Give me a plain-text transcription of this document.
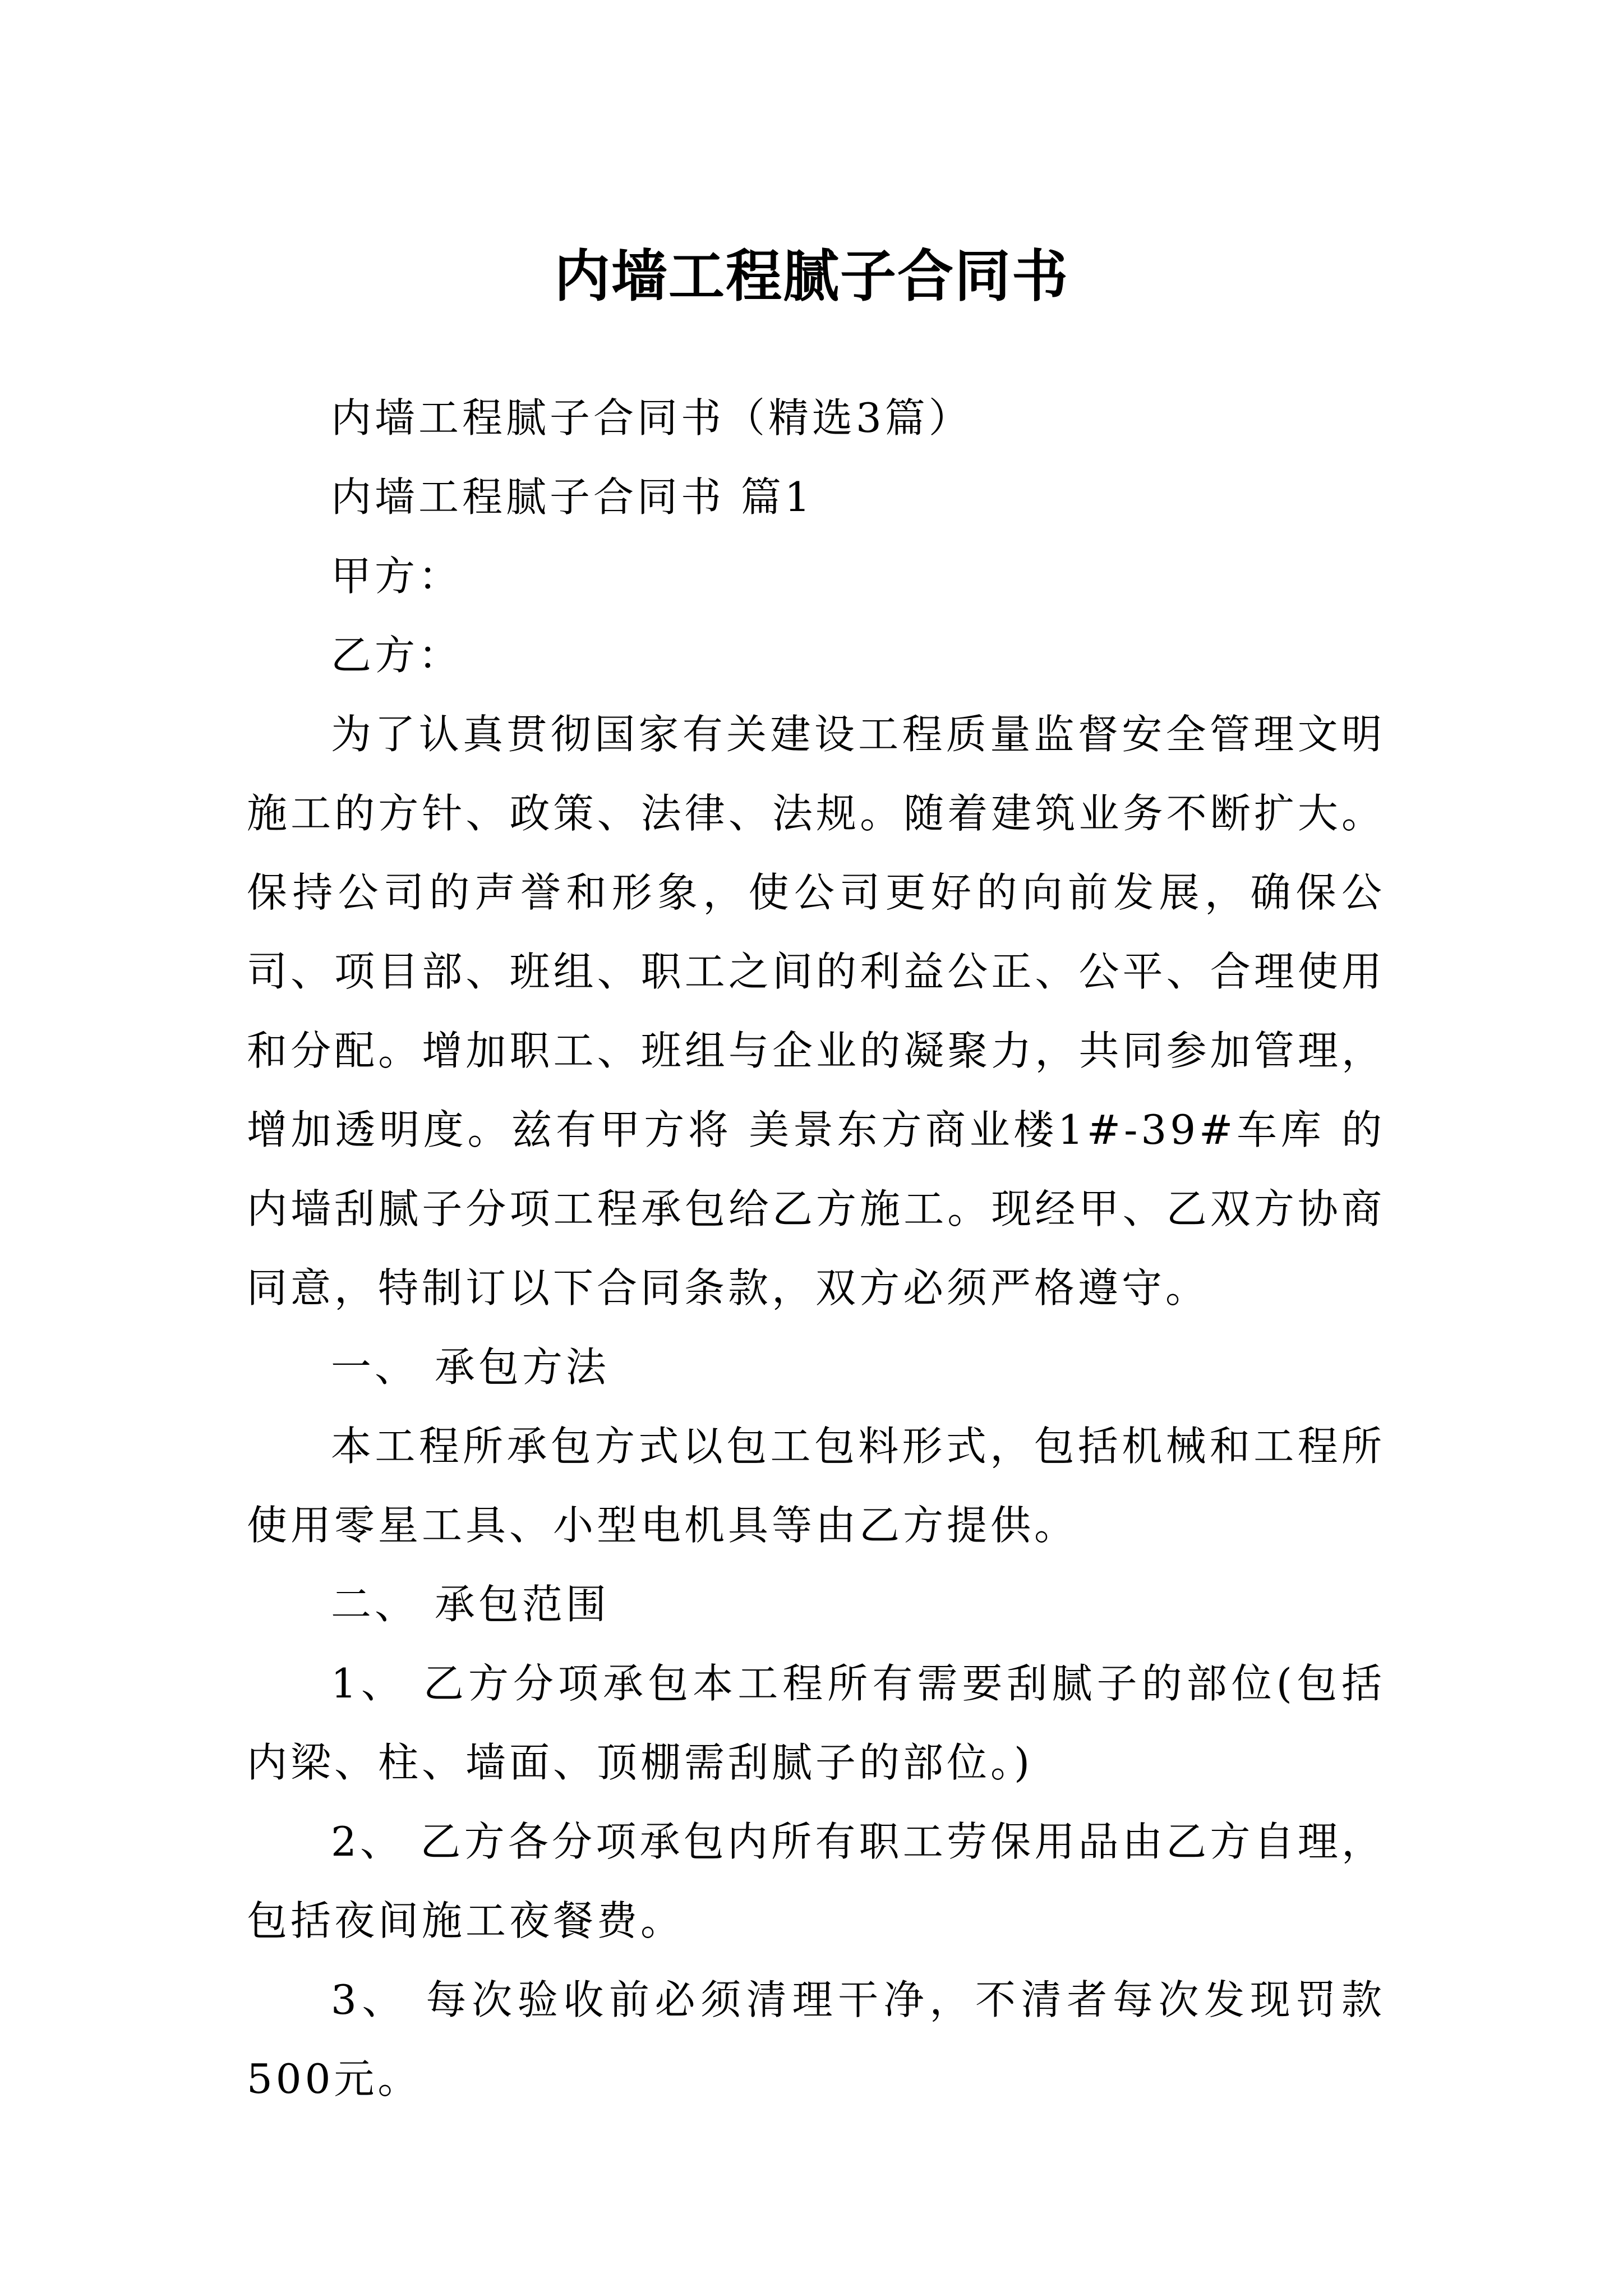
内墙工程腻子合同书

内墙工程腻子合同书（精选3篇）

内墙工程腻子合同书 篇1

甲方：

乙方：

为了认真贯彻国家有关建设工程质量监督安全管理文明施工的方针、政策、法律、法规。随着建筑业务不断扩大。保持公司的声誉和形象，使公司更好的向前发展，确保公司、项目部、班组、职工之间的利益公正、公平、合理使用和分配。增加职工、班组与企业的凝聚力，共同参加管理，增加透明度。兹有甲方将 美景东方商业楼1#-39#车库 的内墙刮腻子分项工程承包给乙方施工。现经甲、乙双方协商同意，特制订以下合同条款，双方必须严格遵守。

一、 承包方法

本工程所承包方式以包工包料形式，包括机械和工程所使用零星工具、小型电机具等由乙方提供。

二、 承包范围

1、 乙方分项承包本工程所有需要刮腻子的部位(包括内梁、柱、墙面、顶棚需刮腻子的部位。)

2、 乙方各分项承包内所有职工劳保用品由乙方自理，包括夜间施工夜餐费。

3、 每次验收前必须清理干净，不清者每次发现罚款500元。
